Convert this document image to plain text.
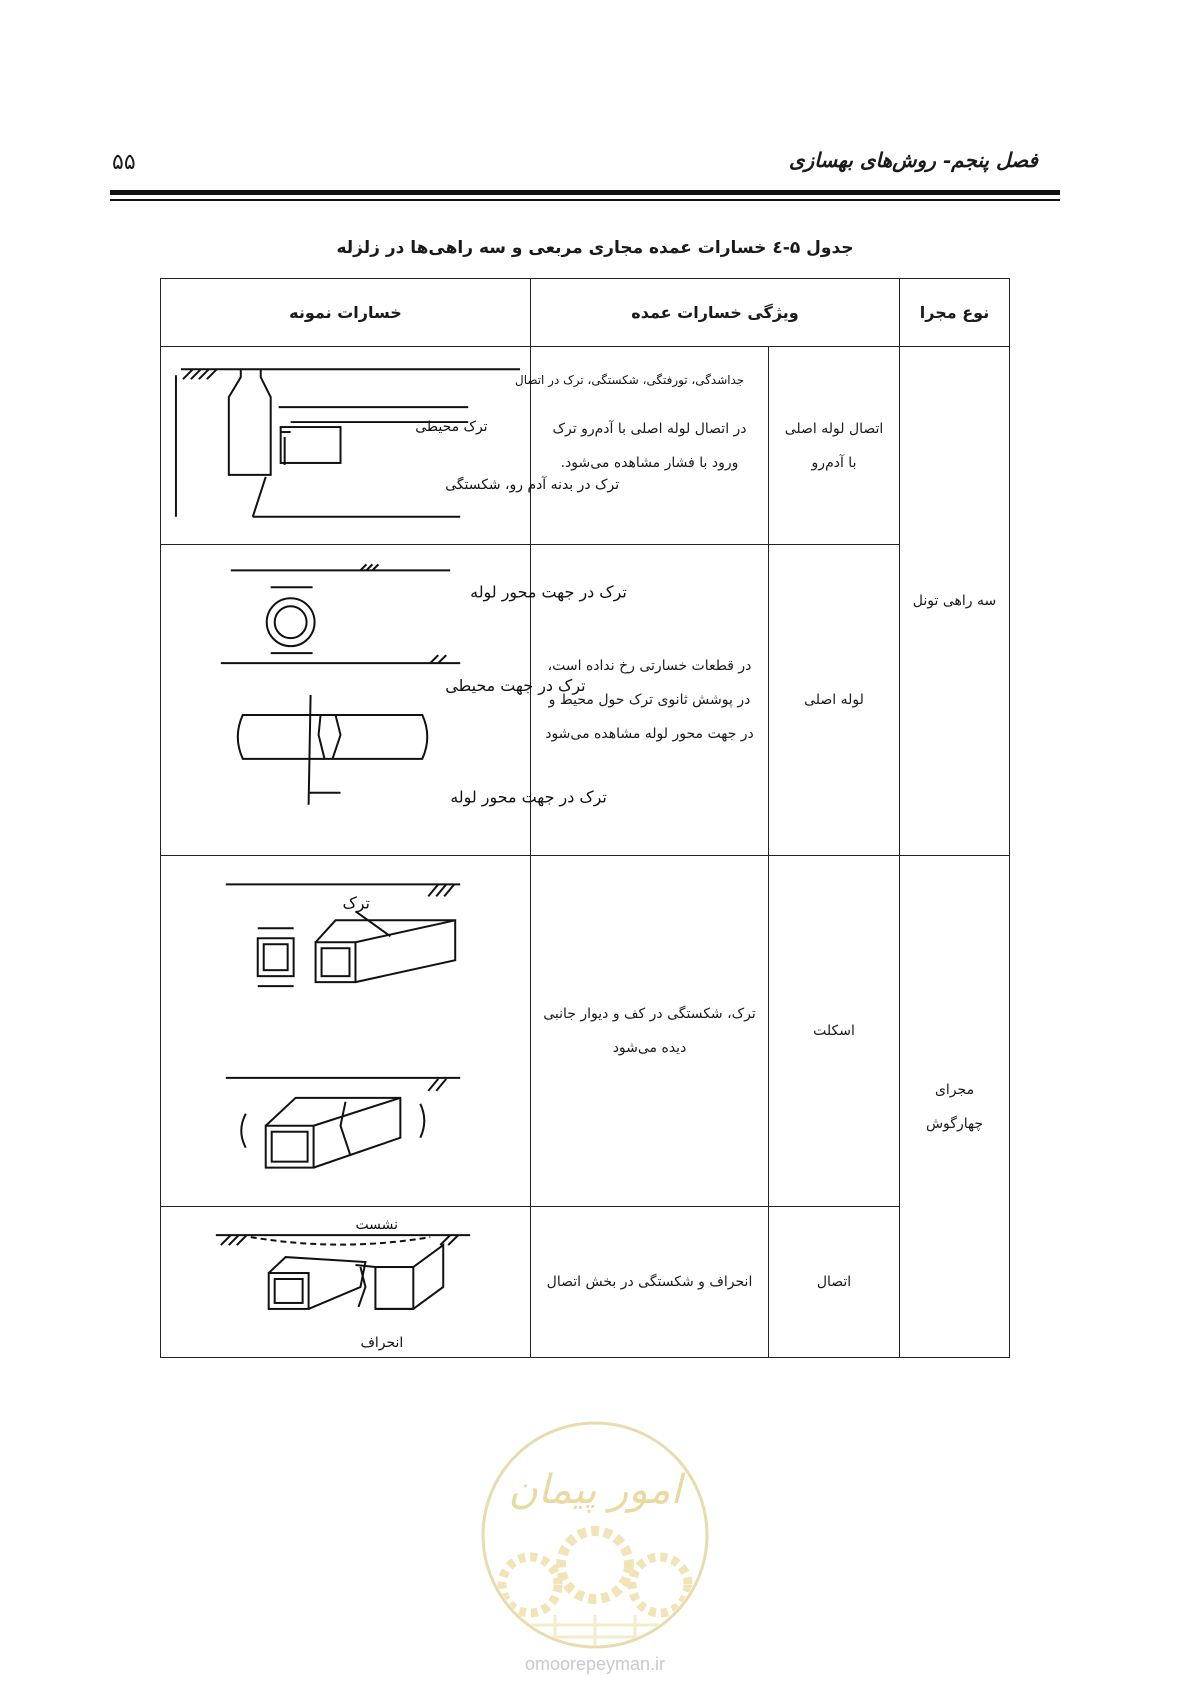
۵۵	فصل پنجم- روش‌های بهسازی
جدول ۵-٤ خسارات عمده مجاری مربعی و سه راهی‌ها در زلزله
نوع مجرا	ویژگی خسارات عمده		خسارات نمونه
سه راهی تونل	اتصال لوله اصلی با آدم‌رو	در اتصال لوله اصلی با آدم‌رو ترک ورود با فشار مشاهده می‌شود.	جداشدگی، تورفتگی، شکستگی، ترک در اتصال
ترک محیطی
ترک در بدنه آدم رو، شکستگی

	لوله اصلی	در قطعات خسارتی رخ نداده است، در پوشش ثانوی ترک حول محیط و در جهت محور لوله مشاهده می‌شود	ترک در جهت محور لوله
ترک در جهت محیطی
ترک در جهت محور لوله

مجرای چهارگوش	اسکلت	ترک، شکستگی در کف و دیوار جانبی دیده می‌شود	ترک

	اتصال	انحراف و شکستگی در بخش اتصال	نشست
انحراف
امور پیمان
omoorepeyman.ir
